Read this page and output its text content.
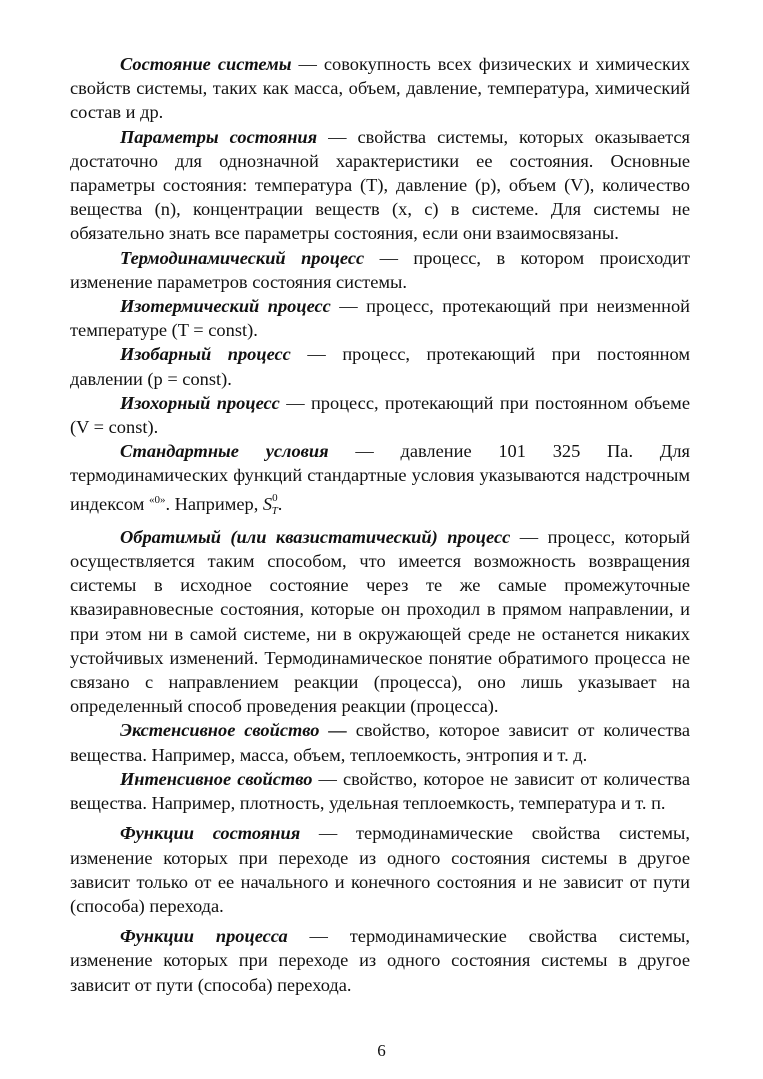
Состояние системы — совокупность всех физических и химических свойств системы, таких как масса, объем, давление, температура, химический состав и др.

Параметры состояния — свойства системы, которых оказывается достаточно для однозначной характеристики ее состояния. Основные параметры состояния: температура (T), давление (p), объем (V), количество вещества (n), концентрации веществ (x, c) в системе. Для системы не обязательно знать все параметры состояния, если они взаимосвязаны.

Термодинамический процесс — процесс, в котором происходит изменение параметров состояния системы.

Изотермический процесс — процесс, протекающий при неизменной температуре (T = const).

Изобарный процесс — процесс, протекающий при постоянном давлении (p = const).

Изохорный процесс — процесс, протекающий при постоянном объеме (V = const).

Стандартные условия — давление 101 325 Па. Для термодинамических функций стандартные условия указываются надстрочным индексом $^{«0»}$. Например, $S^0_T$.

Обратимый (или квазистатический) процесс — процесс, который осуществляется таким способом, что имеется возможность возвращения системы в исходное состояние через те же самые промежуточные квазиравновесные состояния, которые он проходил в прямом направлении, и при этом ни в самой системе, ни в окружающей среде не останется никаких устойчивых изменений. Термодинамическое понятие обратимого процесса не связано с направлением реакции (процесса), оно лишь указывает на определенный способ проведения реакции (процесса).

Экстенсивное свойство — свойство, которое зависит от количества вещества. Например, масса, объем, теплоемкость, энтропия и т. д.

Интенсивное свойство — свойство, которое не зависит от количества вещества. Например, плотность, удельная теплоемкость, температура и т. п.

Функции состояния — термодинамические свойства системы, изменение которых при переходе из одного состояния системы в другое зависит только от ее начального и конечного состояния и не зависит от пути (способа) перехода.

Функции процесса — термодинамические свойства системы, изменение которых при переходе из одного состояния системы в другое зависит от пути (способа) перехода.

6
